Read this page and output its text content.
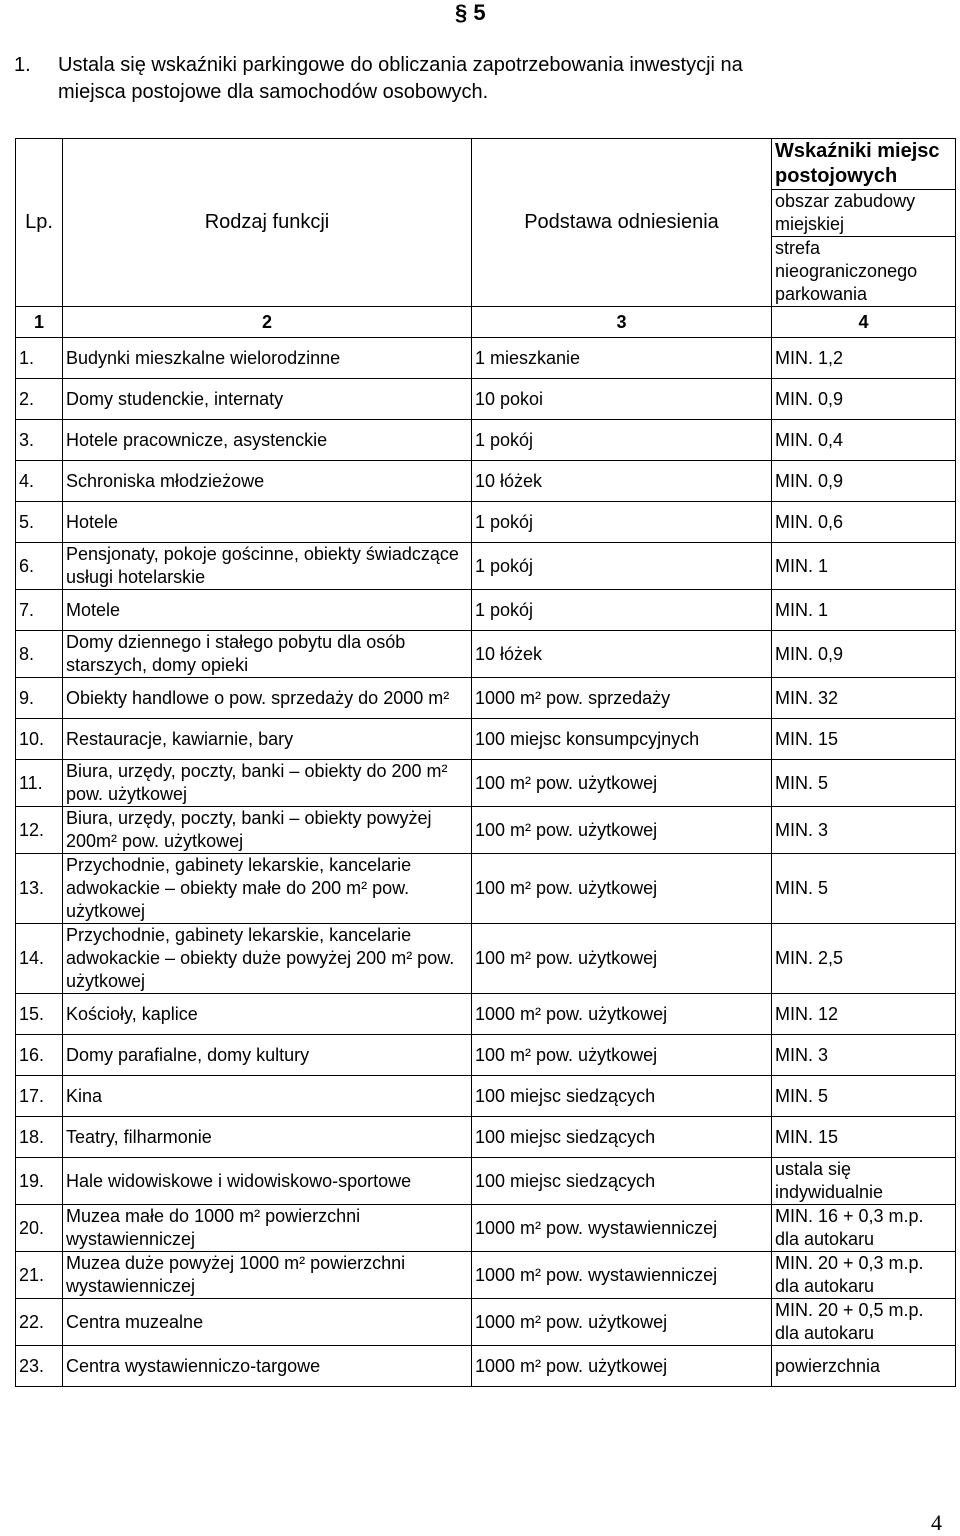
§ 5
1. Ustala się wskaźniki parkingowe do obliczania zapotrzebowania inwestycji na
miejsca postojowe dla samochodów osobowych.
Lp.	Rodzaj funkcji	Podstawa odniesienia	Wskaźniki miejsc postojowych
			obszar zabudowy miejskiej
			strefa nieograniczonego parkowania
1	2	3	4
1.	Budynki mieszkalne wielorodzinne	1 mieszkanie	MIN. 1,2
2.	Domy studenckie, internaty	10 pokoi	MIN. 0,9
3.	Hotele pracownicze, asystenckie	1 pokój	MIN. 0,4
4.	Schroniska młodzieżowe	10 łóżek	MIN. 0,9
5.	Hotele	1 pokój	MIN. 0,6
6.	Pensjonaty, pokoje gościnne, obiekty świadczące usługi hotelarskie	1 pokój	MIN. 1
7.	Motele	1 pokój	MIN. 1
8.	Domy dziennego i stałego pobytu dla osób starszych, domy opieki	10 łóżek	MIN. 0,9
9.	Obiekty handlowe o pow. sprzedaży do 2000 m²	1000 m² pow. sprzedaży	MIN. 32
10.	Restauracje, kawiarnie, bary	100 miejsc konsumpcyjnych	MIN. 15
11.	Biura, urzędy, poczty, banki – obiekty do 200 m² pow. użytkowej	100 m² pow. użytkowej	MIN. 5
12.	Biura, urzędy, poczty, banki – obiekty powyżej 200m² pow. użytkowej	100 m² pow. użytkowej	MIN. 3
13.	Przychodnie, gabinety lekarskie, kancelarie adwokackie – obiekty małe do 200 m² pow. użytkowej	100 m² pow. użytkowej	MIN. 5
14.	Przychodnie, gabinety lekarskie, kancelarie adwokackie – obiekty duże powyżej 200 m² pow. użytkowej	100 m² pow. użytkowej	MIN. 2,5
15.	Kościoły, kaplice	1000 m² pow. użytkowej	MIN. 12
16.	Domy parafialne, domy kultury	100 m² pow. użytkowej	MIN. 3
17.	Kina	100 miejsc siedzących	MIN. 5
18.	Teatry, filharmonie	100 miejsc siedzących	MIN. 15
19.	Hale widowiskowe i widowiskowo-sportowe	100 miejsc siedzących	ustala się indywidualnie
20.	Muzea małe do 1000 m² powierzchni wystawienniczej	1000 m² pow. wystawienniczej	MIN. 16 + 0,3 m.p. dla autokaru
21.	Muzea duże powyżej 1000 m² powierzchni wystawienniczej	1000 m² pow. wystawienniczej	MIN. 20 + 0,3 m.p. dla autokaru
22.	Centra muzealne	1000 m² pow. użytkowej	MIN. 20 + 0,5 m.p. dla autokaru
23.	Centra wystawienniczo-targowe	1000 m² pow. użytkowej	powierzchnia
4
